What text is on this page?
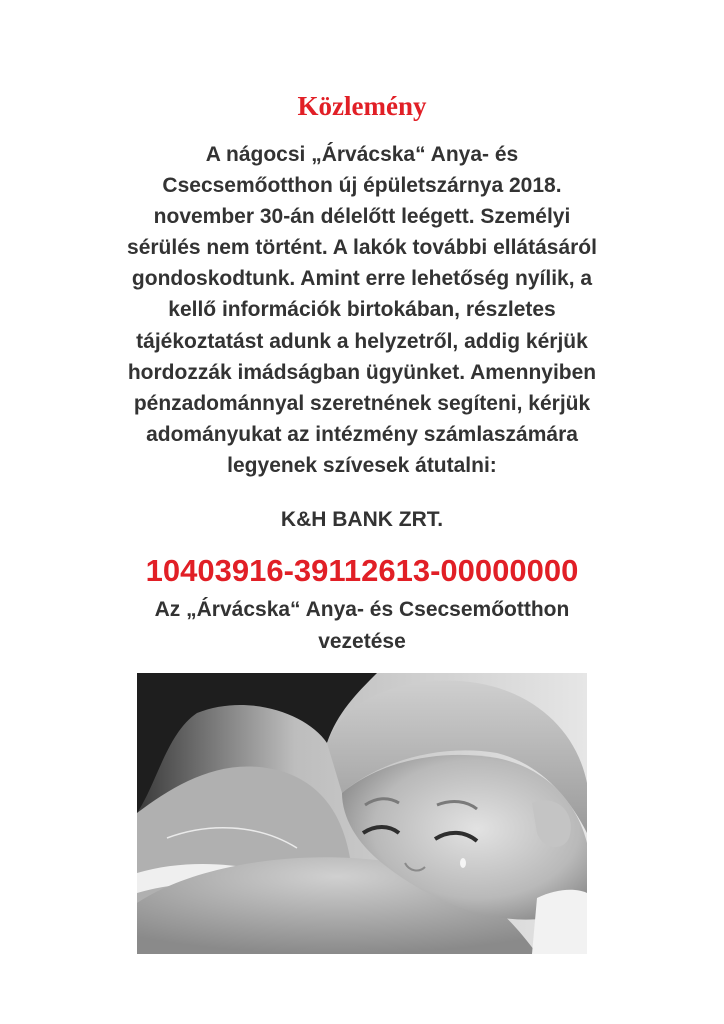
Közlemény
A nágocsi „Árvácska“ Anya- és
Csecsemőotthon új épületszárnya 2018.
november 30-án délelőtt leégett. Személyi
sérülés nem történt. A lakók további ellátásáról
gondoskodtunk. Amint erre lehetőség nyílik, a
kellő információk birtokában, részletes
tájékoztatást adunk a helyzetről, addig kérjük
hordozzák imádságban ügyünket. Amennyiben
pénzadománnyal szeretnének segíteni, kérjük
adományukat az intézmény számlaszámára
legyenek szívesek átutalni:

K&H BANK ZRT.

10403916-39112613-00000000

Az „Árvácska“ Anya- és Csecsemőotthon
vezetése
